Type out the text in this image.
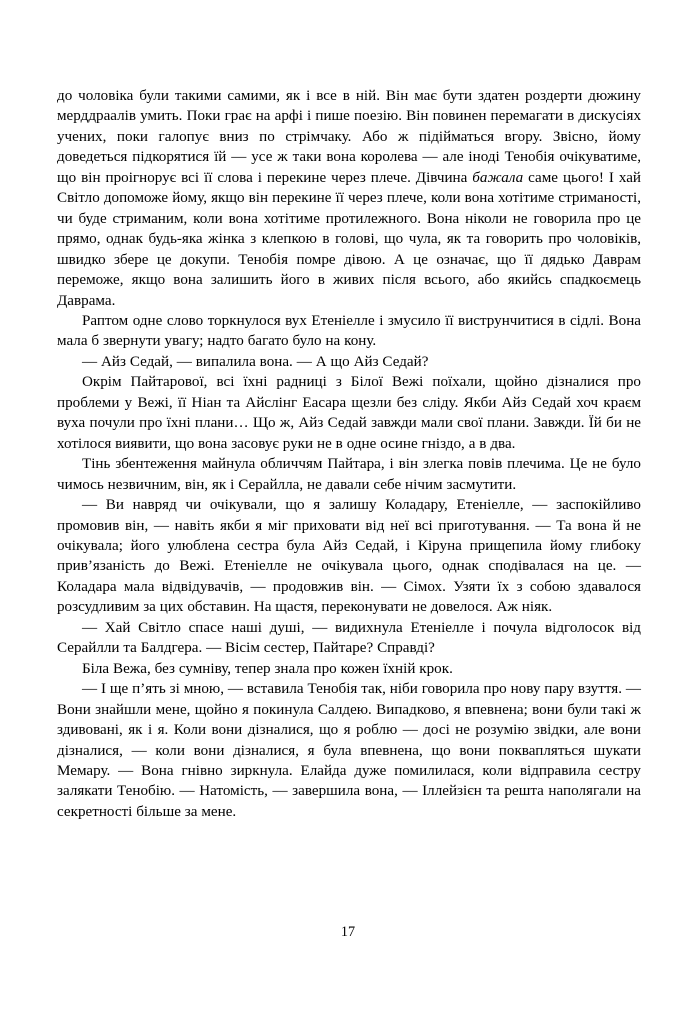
до чоловіка були такими самими, як і все в ній. Він має бути здатен роздерти дюжину мерддраалів умить. Поки грає на арфі і пише поезію. Він повинен перемагати в дискусіях учених, поки галопує вниз по стрімчаку. Або ж підійматься вгору. Звісно, йому доведеться підкорятися їй — усе ж таки вона королева — але іноді Тенобія очікуватиме, що він проігнорує всі її слова і перекине через плече. Дівчина бажала саме цього! І хай Світло допоможе йому, якщо він перекине її через плече, коли вона хотітиме стриманості, чи буде стриманим, коли вона хотітиме протилежного. Вона ніколи не говорила про це прямо, однак будь-яка жінка з клепкою в голові, що чула, як та говорить про чоловіків, швидко збере це докупи. Тенобія помре дівою. А це означає, що її дядько Даврам переможе, якщо вона залишить його в живих після всього, або якийсь спадкоємець Даврама.

Раптом одне слово торкнулося вух Етеніелле і змусило її виструнчитися в сідлі. Вона мала б звернути увагу; надто багато було на кону.

— Айз Седай, — випалила вона. — А що Айз Седай?

Окрім Пайтарової, всі їхні радниці з Білої Вежі поїхали, щойно дізналися про проблеми у Вежі, її Ніан та Айслінг Еасара щезли без сліду. Якби Айз Седай хоч краєм вуха почули про їхні плани… Що ж, Айз Седай завжди мали свої плани. Завжди. Їй би не хотілося виявити, що вона засовує руки не в одне осине гніздо, а в два.

Тінь збентеження майнула обличчям Пайтара, і він злегка повів плечима. Це не було чимось незвичним, він, як і Серайлла, не давали себе нічим засмутити.

— Ви навряд чи очікували, що я залишу Коладару, Етеніелле, — заспокійливо промовив він, — навіть якби я міг приховати від неї всі приготування. — Та вона й не очікувала; його улюблена сестра була Айз Седай, і Кіруна прищепила йому глибоку прив’язаність до Вежі. Етеніелле не очікувала цього, однак сподівалася на це. — Коладара мала відвідувачів, — продовжив він. — Сімох. Узяти їх з собою здавалося розсудливим за цих обставин. На щастя, переконувати не довелося. Аж ніяк.

— Хай Світло спасе наші душі, — видихнула Етеніелле і почула відголосок від Серайлли та Балдгера. — Вісім сестер, Пайтаре? Справді?

Біла Вежа, без сумніву, тепер знала про кожен їхній крок.

— І ще п’ять зі мною, — вставила Тенобія так, ніби говорила про нову пару взуття. — Вони знайшли мене, щойно я покинула Салдею. Випадково, я впевнена; вони були такі ж здивовані, як і я. Коли вони дізналися, що я роблю — досі не розумію звідки, але вони дізналися, — коли вони дізналися, я була впевнена, що вони поквапляться шукати Мемару. — Вона гнівно зиркнула. Елайда дуже помилилася, коли відправила сестру залякати Тенобію. — Натомість, — завершила вона, — Іллейзієн та решта наполягали на секретності більше за мене.

17
